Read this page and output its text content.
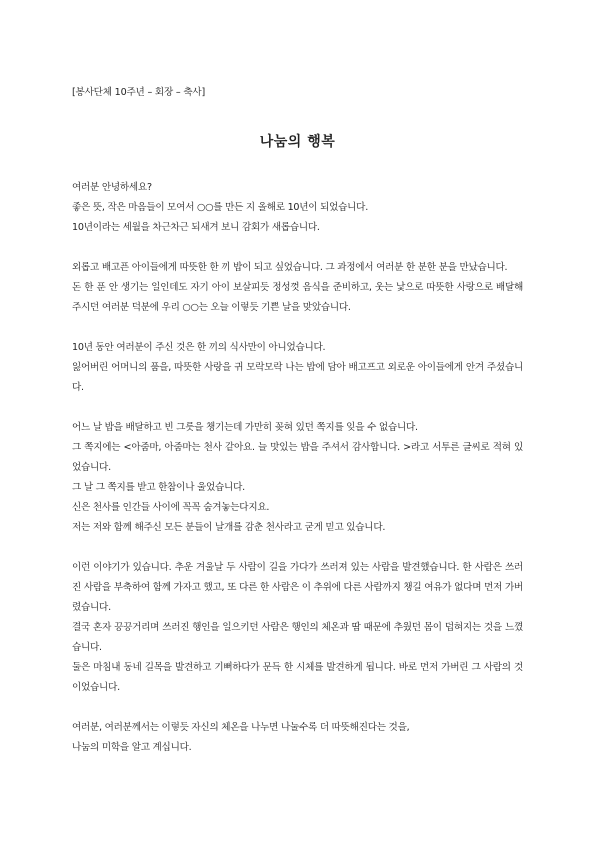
[봉사단체 10주년 – 회장 – 축사]

나눔의 행복
여러분 안녕하세요?
좋은 뜻, 작은 마음들이 모여서 ○○를 만든 지 올해로 10년이 되었습니다.
10년이라는 세월을 차근차근 되새겨 보니 감회가 새롭습니다.
외롭고 배고픈 아이들에게 따뜻한 한 끼 밥이 되고 싶었습니다. 그 과정에서 여러분 한 분한 분을 만났습니다.
돈 한 푼 안 생기는 일인데도 자기 아이 보살피듯 정성껏 음식을 준비하고, 웃는 낯으로 따뜻한 사랑으로 배달해 주시던 여러분 덕분에 우리 ○○는 오늘 이렇듯 기쁜 날을 맞았습니다.
10년 동안 여러분이 주신 것은 한 끼의 식사만이 아니었습니다.
잃어버린 어머니의 품을, 따뜻한 사랑을 귀 모락모락 나는 밥에 담아 배고프고 외로운 아이들에게 안겨 주셨습니다.
어느 날 밥을 배달하고 빈 그릇을 챙기는데 가만히 꽂혀 있던 쪽지를 잊을 수 없습니다.
그 쪽지에는 <아줌마, 아줌마는 천사 같아요. 늘 맛있는 밥을 주셔서 감사합니다. >라고 서투른 글씨로 적혀 있었습니다.
그 날 그 쪽지를 받고 한참이나 울었습니다.
신은 천사를 인간들 사이에 꼭꼭 숨겨놓는다지요.
저는 저와 함께 해주신 모든 분들이 날개를 감춘 천사라고 굳게 믿고 있습니다.
이런 이야기가 있습니다. 추운 겨울날 두 사람이 길을 가다가 쓰러져 있는 사람을 발견했습니다. 한 사람은 쓰러진 사람을 부축하여 함께 가자고 했고, 또 다른 한 사람은 이 추위에 다른 사람까지 챙길 여유가 없다며 먼저 가버렸습니다.
결국 혼자 끙끙거리며 쓰러진 행인을 일으키던 사람은 행인의 체온과 땀 때문에 추웠던 몸이 덥혀지는 것을 느꼈습니다.
둘은 마침내 동네 길목을 발견하고 기뻐하다가 문득 한 시체를 발견하게 됩니다. 바로 먼저 가버린 그 사람의 것이었습니다.
여러분, 여러분께서는 이렇듯 자신의 체온을 나누면 나눌수록 더 따뜻해진다는 것을,
나눔의 미학을 알고 계십니다.
